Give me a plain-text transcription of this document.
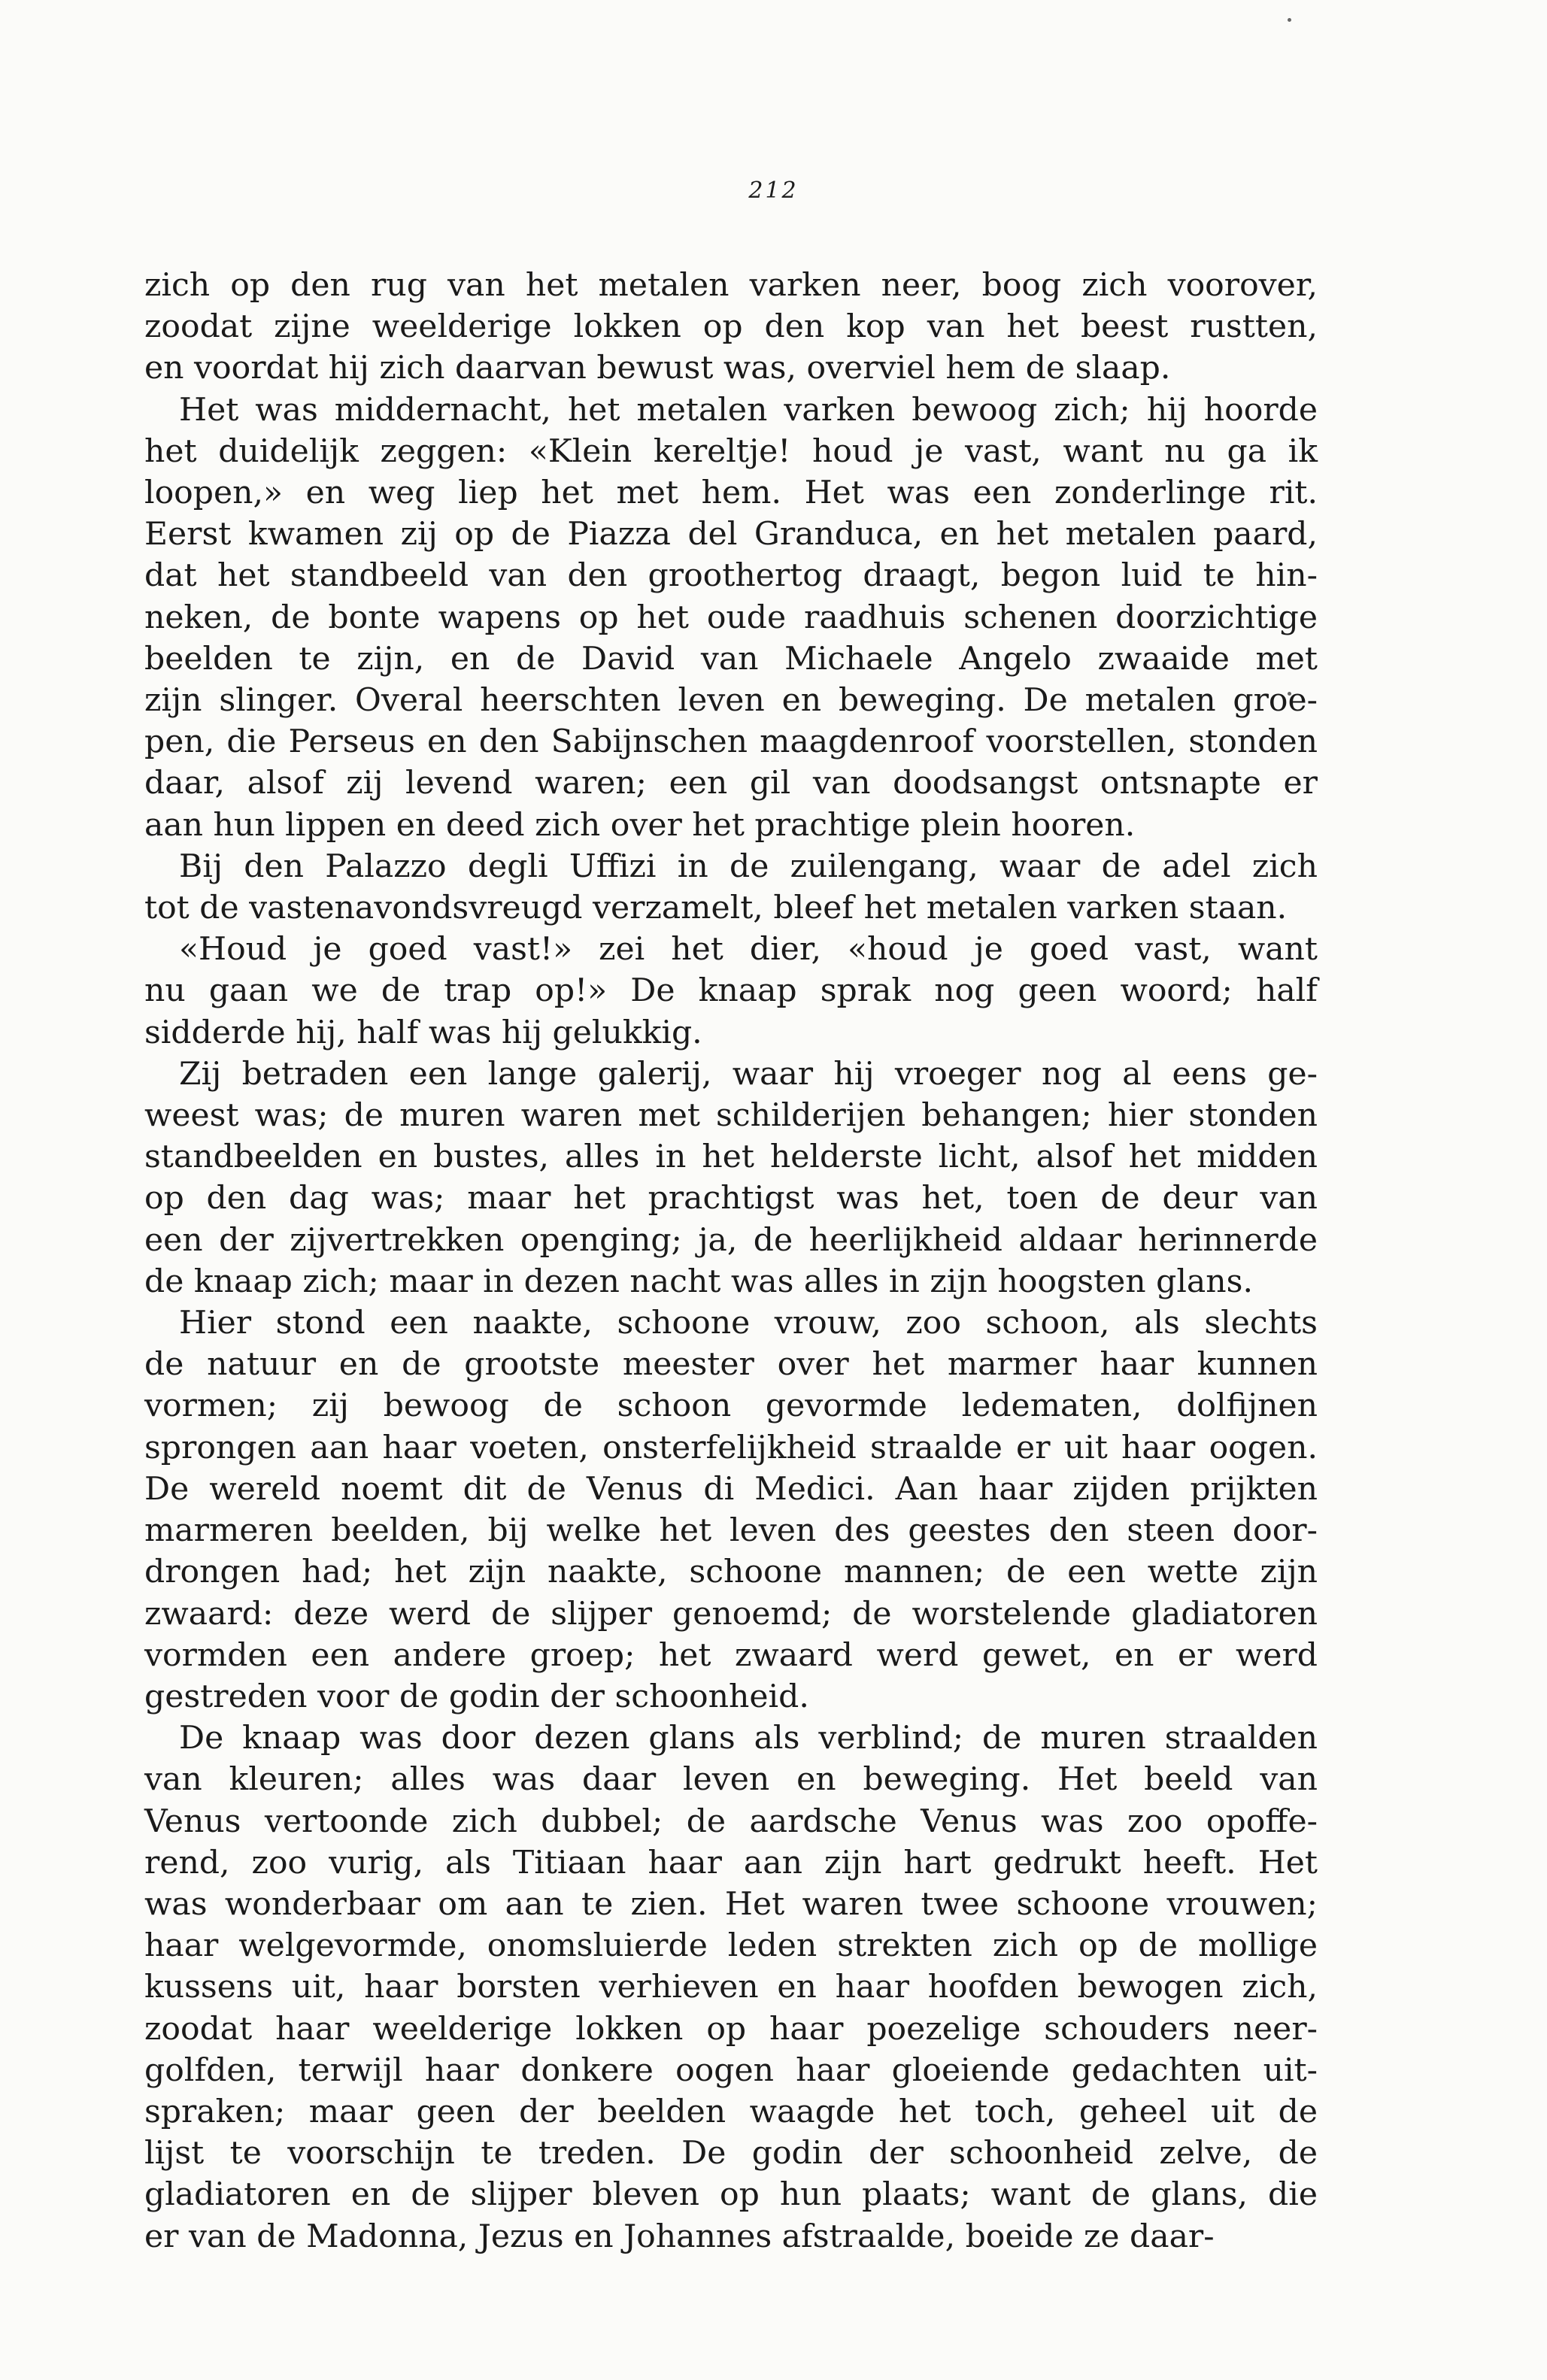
212

zich op den rug van het metalen varken neer, boog zich voorover,
zoodat zijne weelderige lokken op den kop van het beest rustten,
en voordat hij zich daarvan bewust was, overviel hem de slaap.

Het was middernacht, het metalen varken bewoog zich; hij hoorde
het duidelijk zeggen: «Klein kereltje! houd je vast, want nu ga ik
loopen,» en weg liep het met hem. Het was een zonderlinge rit.
Eerst kwamen zij op de Piazza del Granduca, en het metalen paard,
dat het standbeeld van den groothertog draagt, begon luid te hin-
neken, de bonte wapens op het oude raadhuis schenen doorzichtige
beelden te zijn, en de David van Michaele Angelo zwaaide met
zijn slinger. Overal heerschten leven en beweging. De metalen groe-
pen, die Perseus en den Sabijnschen maagdenroof voorstellen, stonden
daar, alsof zij levend waren; een gil van doodsangst ontsnapte er
aan hun lippen en deed zich over het prachtige plein hooren.

Bij den Palazzo degli Uffizi in de zuilengang, waar de adel zich
tot de vastenavondsvreugd verzamelt, bleef het metalen varken staan.

«Houd je goed vast!» zei het dier, «houd je goed vast, want
nu gaan we de trap op!» De knaap sprak nog geen woord; half
sidderde hij, half was hij gelukkig.

Zij betraden een lange galerij, waar hij vroeger nog al eens ge-
weest was; de muren waren met schilderijen behangen; hier stonden
standbeelden en bustes, alles in het helderste licht, alsof het midden
op den dag was; maar het prachtigst was het, toen de deur van
een der zijvertrekken openging; ja, de heerlijkheid aldaar herinnerde
de knaap zich; maar in dezen nacht was alles in zijn hoogsten glans.

Hier stond een naakte, schoone vrouw, zoo schoon, als slechts
de natuur en de grootste meester over het marmer haar kunnen
vormen; zij bewoog de schoon gevormde ledematen, dolfijnen
sprongen aan haar voeten, onsterfelijkheid straalde er uit haar oogen.
De wereld noemt dit de Venus di Medici. Aan haar zijden prijkten
marmeren beelden, bij welke het leven des geestes den steen door-
drongen had; het zijn naakte, schoone mannen; de een wette zijn
zwaard: deze werd de slijper genoemd; de worstelende gladiatoren
vormden een andere groep; het zwaard werd gewet, en er werd
gestreden voor de godin der schoonheid.

De knaap was door dezen glans als verblind; de muren straalden
van kleuren; alles was daar leven en beweging. Het beeld van
Venus vertoonde zich dubbel; de aardsche Venus was zoo opoffe-
rend, zoo vurig, als Titiaan haar aan zijn hart gedrukt heeft. Het
was wonderbaar om aan te zien. Het waren twee schoone vrouwen;
haar welgevormde, onomsluierde leden strekten zich op de mollige
kussens uit, haar borsten verhieven en haar hoofden bewogen zich,
zoodat haar weelderige lokken op haar poezelige schouders neer-
golfden, terwijl haar donkere oogen haar gloeiende gedachten uit-
spraken; maar geen der beelden waagde het toch, geheel uit de
lijst te voorschijn te treden. De godin der schoonheid zelve, de
gladiatoren en de slijper bleven op hun plaats; want de glans, die
er van de Madonna, Jezus en Johannes afstraalde, boeide ze daar-
